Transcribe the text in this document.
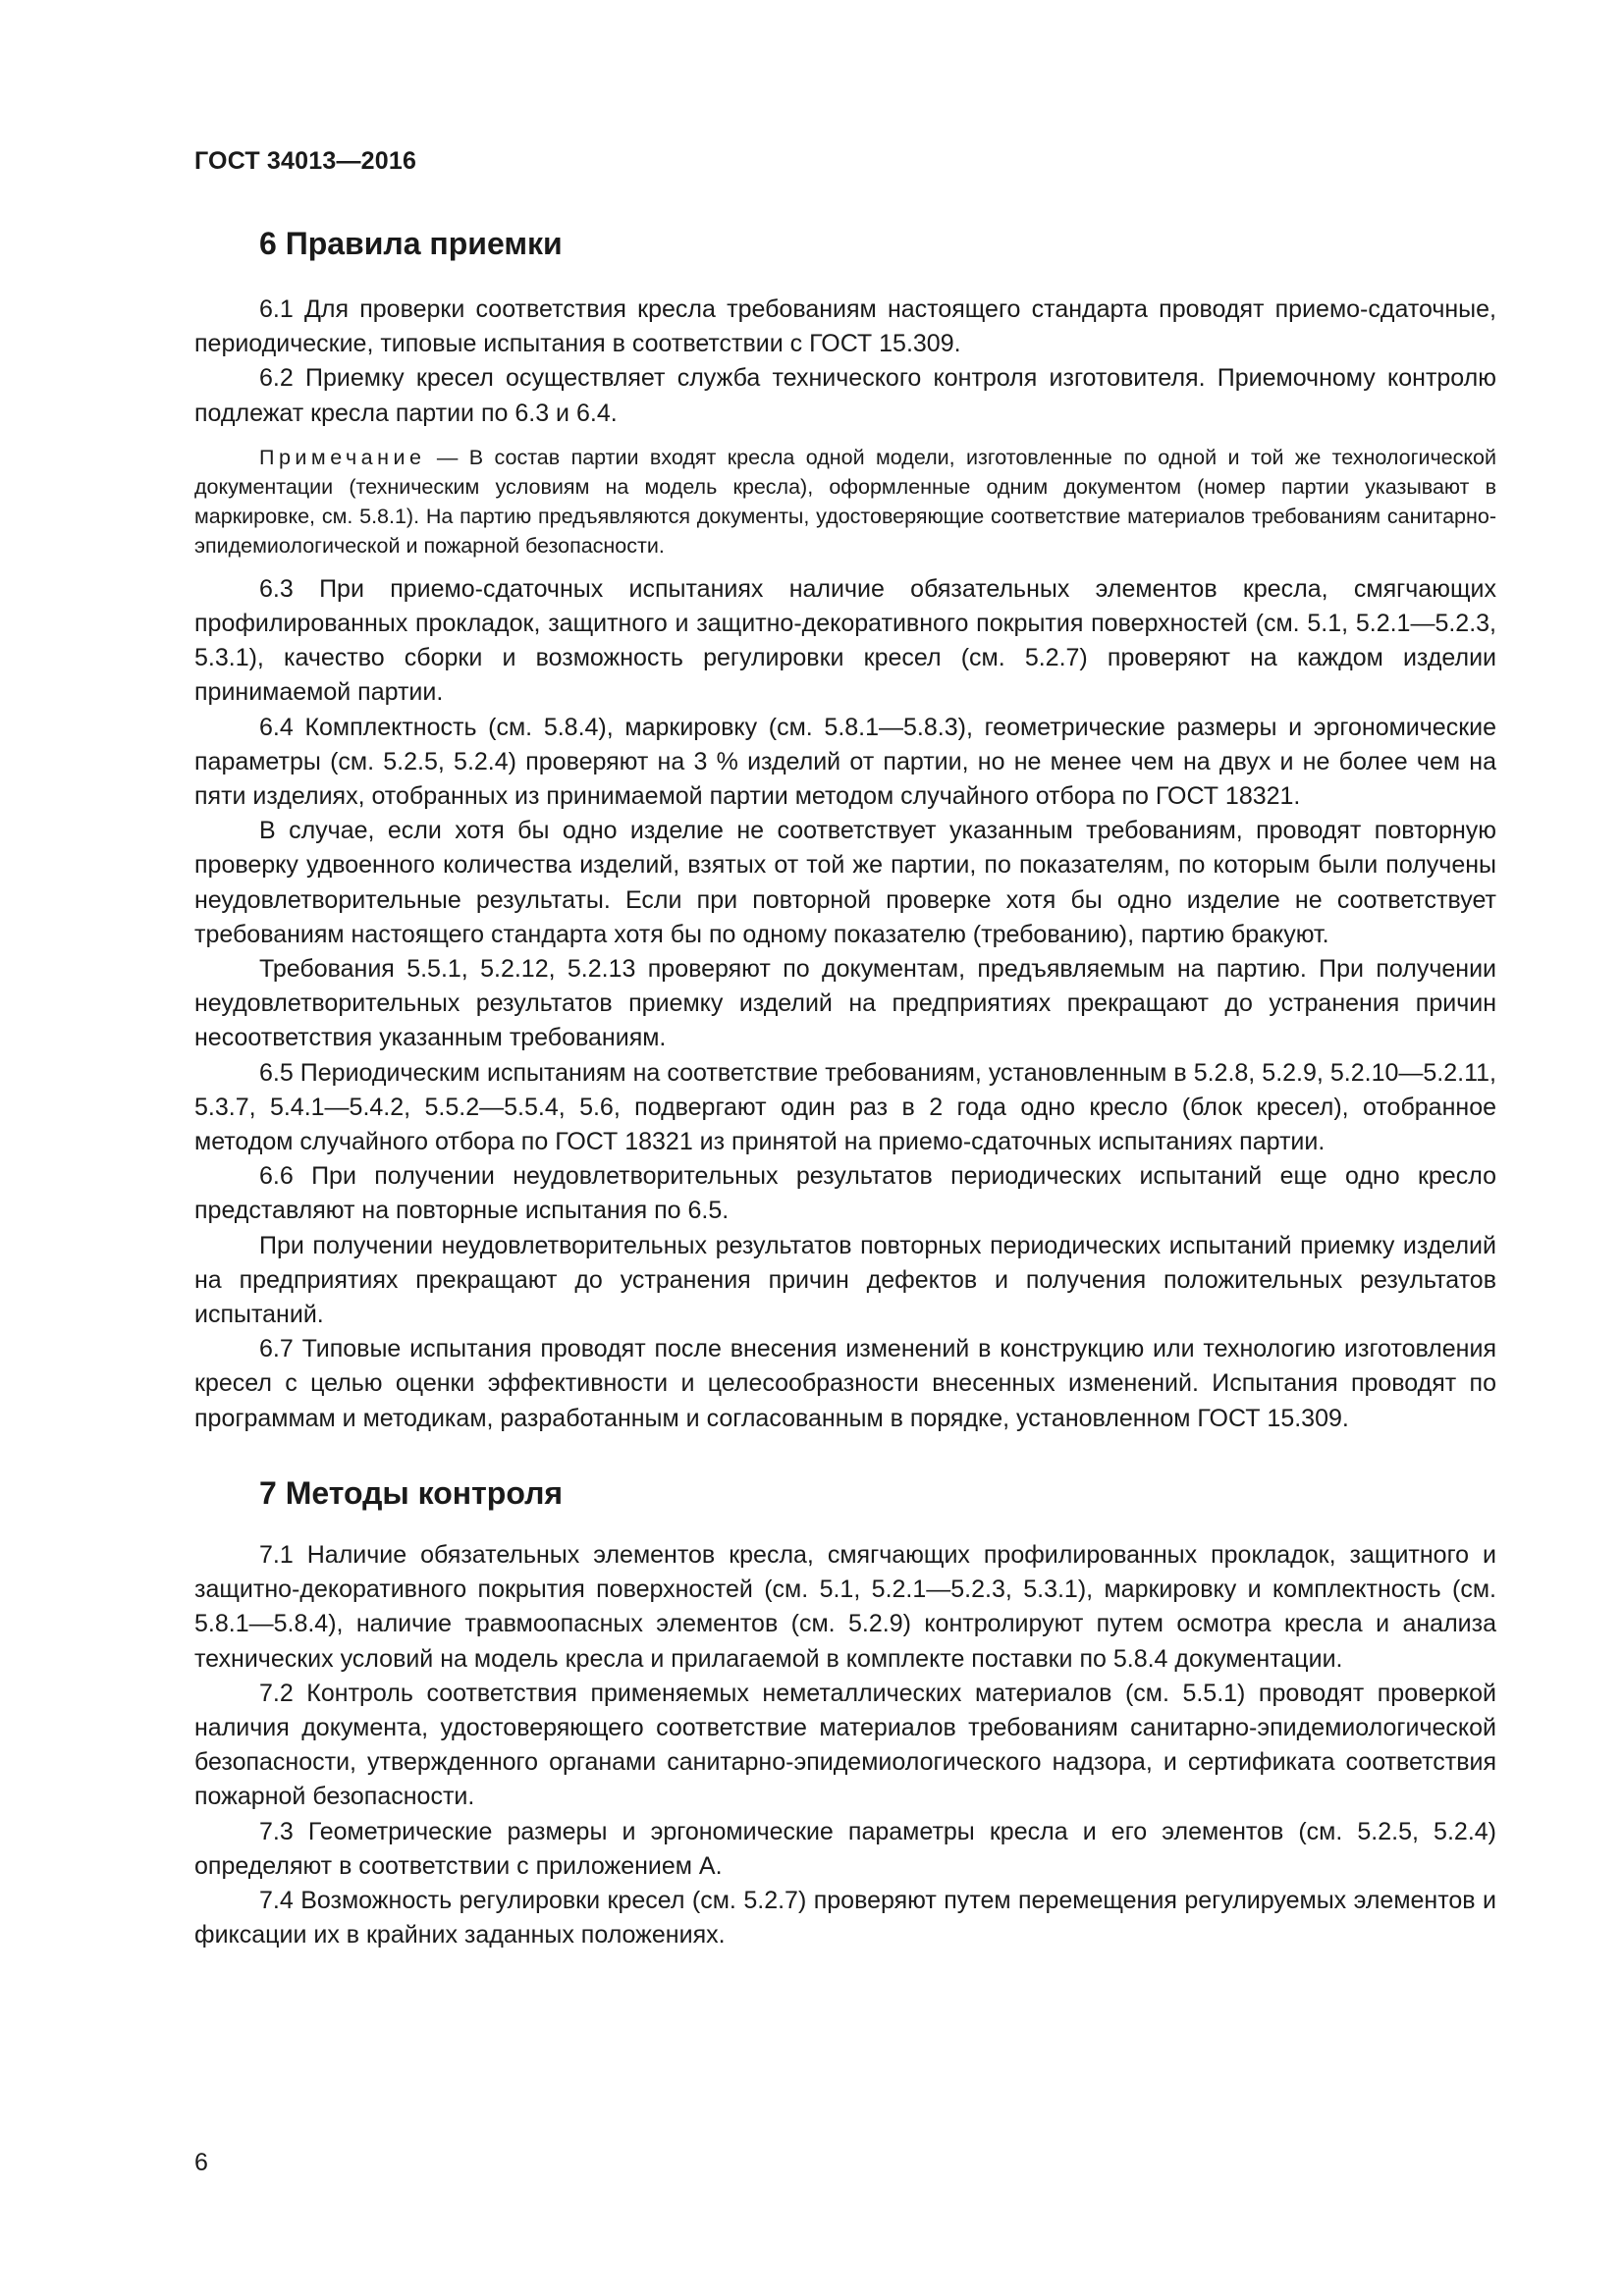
ГОСТ 34013—2016
6 Правила приемки

6.1 Для проверки соответствия кресла требованиям настоящего стандарта проводят приемо-сдаточные, периодические, типовые испытания в соответствии с ГОСТ 15.309.

6.2 Приемку кресел осуществляет служба технического контроля изготовителя. Приемочному контролю подлежат кресла партии по 6.3 и 6.4.

Примечание — В состав партии входят кресла одной модели, изготовленные по одной и той же технологической документации (техническим условиям на модель кресла), оформленные одним документом (номер партии указывают в маркировке, см. 5.8.1). На партию предъявляются документы, удостоверяющие соответствие материалов требованиям санитарно-эпидемиологической и пожарной безопасности.

6.3 При приемо-сдаточных испытаниях наличие обязательных элементов кресла, смягчающих профилированных прокладок, защитного и защитно-декоративного покрытия поверхностей (см. 5.1, 5.2.1—5.2.3, 5.3.1), качество сборки и возможность регулировки кресел (см. 5.2.7) проверяют на каждом изделии принимаемой партии.

6.4 Комплектность (см. 5.8.4), маркировку (см. 5.8.1—5.8.3), геометрические размеры и эргономические параметры (см. 5.2.5, 5.2.4) проверяют на 3 % изделий от партии, но не менее чем на двух и не более чем на пяти изделиях, отобранных из принимаемой партии методом случайного отбора по ГОСТ 18321.

В случае, если хотя бы одно изделие не соответствует указанным требованиям, проводят повторную проверку удвоенного количества изделий, взятых от той же партии, по показателям, по которым были получены неудовлетворительные результаты. Если при повторной проверке хотя бы одно изделие не соответствует требованиям настоящего стандарта хотя бы по одному показателю (требованию), партию бракуют.

Требования 5.5.1, 5.2.12, 5.2.13 проверяют по документам, предъявляемым на партию. При получении неудовлетворительных результатов приемку изделий на предприятиях прекращают до устранения причин несоответствия указанным требованиям.

6.5 Периодическим испытаниям на соответствие требованиям, установленным в 5.2.8, 5.2.9, 5.2.10—5.2.11, 5.3.7, 5.4.1—5.4.2, 5.5.2—5.5.4, 5.6, подвергают один раз в 2 года одно кресло (блок кресел), отобранное методом случайного отбора по ГОСТ 18321 из принятой на приемо-сдаточных испытаниях партии.

6.6 При получении неудовлетворительных результатов периодических испытаний еще одно кресло представляют на повторные испытания по 6.5.

При получении неудовлетворительных результатов повторных периодических испытаний приемку изделий на предприятиях прекращают до устранения причин дефектов и получения положительных результатов испытаний.

6.7 Типовые испытания проводят после внесения изменений в конструкцию или технологию изготовления кресел с целью оценки эффективности и целесообразности внесенных изменений. Испытания проводят по программам и методикам, разработанным и согласованным в порядке, установленном ГОСТ 15.309.

7 Методы контроля

7.1 Наличие обязательных элементов кресла, смягчающих профилированных прокладок, защитного и защитно-декоративного покрытия поверхностей (см. 5.1, 5.2.1—5.2.3, 5.3.1), маркировку и комплектность (см. 5.8.1—5.8.4), наличие травмоопасных элементов (см. 5.2.9) контролируют путем осмотра кресла и анализа технических условий на модель кресла и прилагаемой в комплекте поставки по 5.8.4 документации.

7.2 Контроль соответствия применяемых неметаллических материалов (см. 5.5.1) проводят проверкой наличия документа, удостоверяющего соответствие материалов требованиям санитарно-эпидемиологической безопасности, утвержденного органами санитарно-эпидемиологического надзора, и сертификата соответствия пожарной безопасности.

7.3 Геометрические размеры и эргономические параметры кресла и его элементов (см. 5.2.5, 5.2.4) определяют в соответствии с приложением А.

7.4 Возможность регулировки кресел (см. 5.2.7) проверяют путем перемещения регулируемых элементов и фиксации их в крайних заданных положениях.

6
